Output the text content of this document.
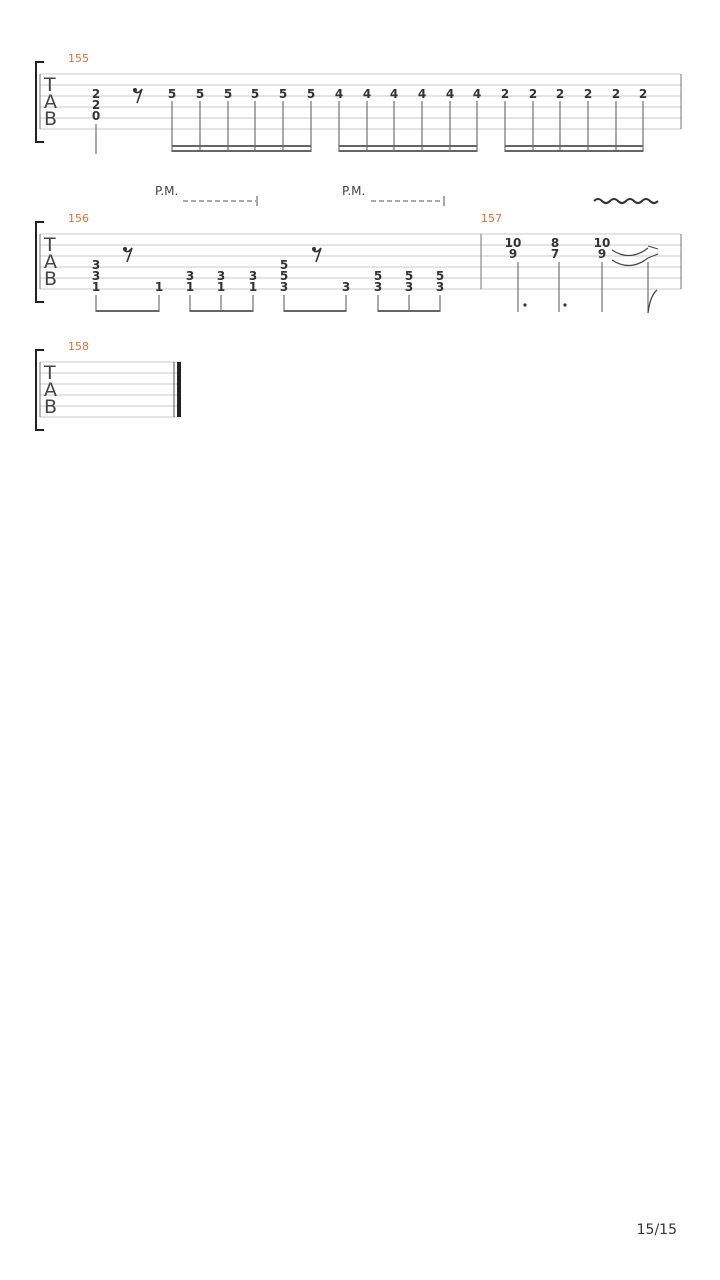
T
A
B
155
2
2
0
5 5 5 5 5 5 4 4 4 4 4 4 2 2 2 2 2 2
P.M.	P.M.
T
A
B
156	157
3
3
1	1
3
1
3
1
3
1
5
5
3	3
5
3
5
3
5
3
10
9
8
7
10
9
T
A
B
158
15/15
